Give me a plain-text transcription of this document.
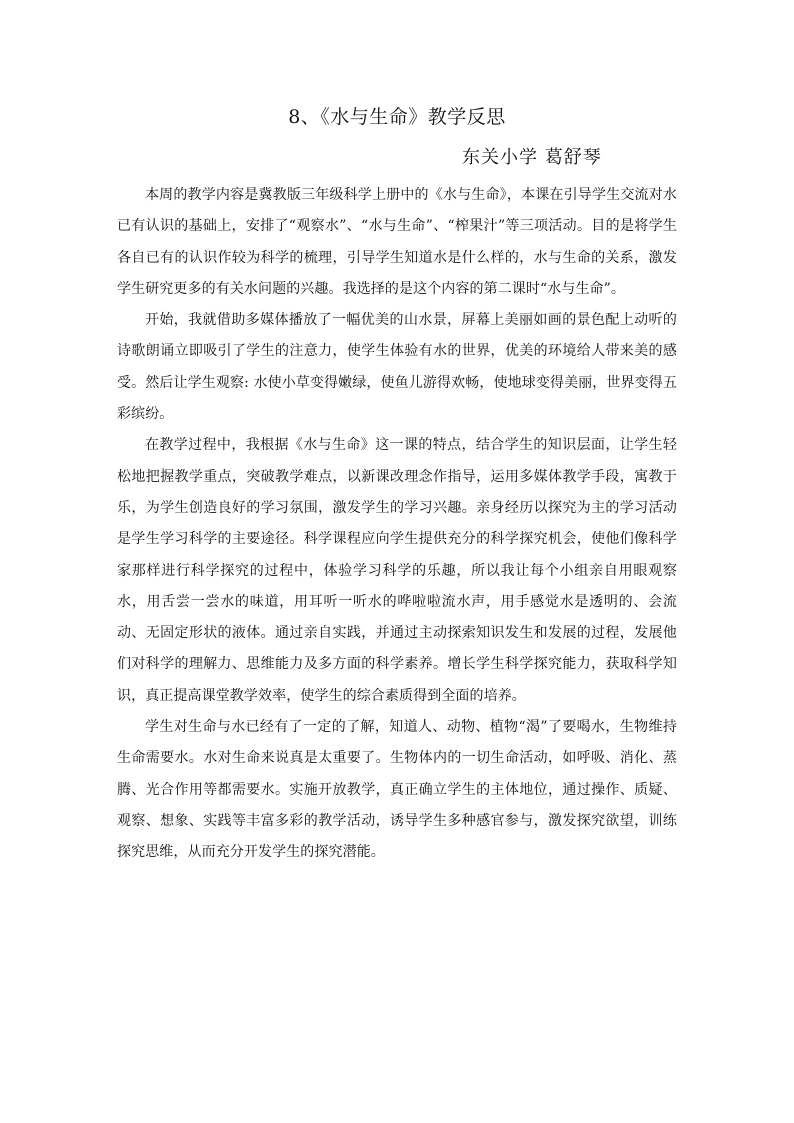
8、《水与生命》教学反思
东关小学 葛舒琴

本周的教学内容是冀教版三年级科学上册中的《水与生命》，本课在引导学生交流对水已有认识的基础上，安排了“观察水”、“水与生命”、“榨果汁”等三项活动。目的是将学生各自已有的认识作较为科学的梳理，引导学生知道水是什么样的，水与生命的关系，激发学生研究更多的有关水问题的兴趣。我选择的是这个内容的第二课时“水与生命”。

开始，我就借助多媒体播放了一幅优美的山水景，屏幕上美丽如画的景色配上动听的诗歌朗诵立即吸引了学生的注意力，使学生体验有水的世界，优美的环境给人带来美的感受。然后让学生观察: 水使小草变得嫩绿，使鱼儿游得欢畅，使地球变得美丽，世界变得五彩缤纷。

在教学过程中，我根据《水与生命》这一课的特点，结合学生的知识层面，让学生轻松地把握教学重点，突破教学难点，以新课改理念作指导，运用多媒体教学手段，寓教于乐，为学生创造良好的学习氛围，激发学生的学习兴趣。亲身经历以探究为主的学习活动是学生学习科学的主要途径。科学课程应向学生提供充分的科学探究机会，使他们像科学家那样进行科学探究的过程中，体验学习科学的乐趣，所以我让每个小组亲自用眼观察水，用舌尝一尝水的味道，用耳听一听水的哗啦啦流水声，用手感觉水是透明的、会流动、无固定形状的液体。通过亲自实践，并通过主动探索知识发生和发展的过程，发展他们对科学的理解力、思维能力及多方面的科学素养。增长学生科学探究能力，获取科学知识，真正提高课堂教学效率，使学生的综合素质得到全面的培养。

学生对生命与水已经有了一定的了解，知道人、动物、植物“渴”了要喝水，生物维持生命需要水。水对生命来说真是太重要了。生物体内的一切生命活动，如呼吸、消化、蒸腾、光合作用等都需要水。实施开放教学，真正确立学生的主体地位，通过操作、质疑、观察、想象、实践等丰富多彩的教学活动，诱导学生多种感官参与，激发探究欲望，训练探究思维，从而充分开发学生的探究潜能。
